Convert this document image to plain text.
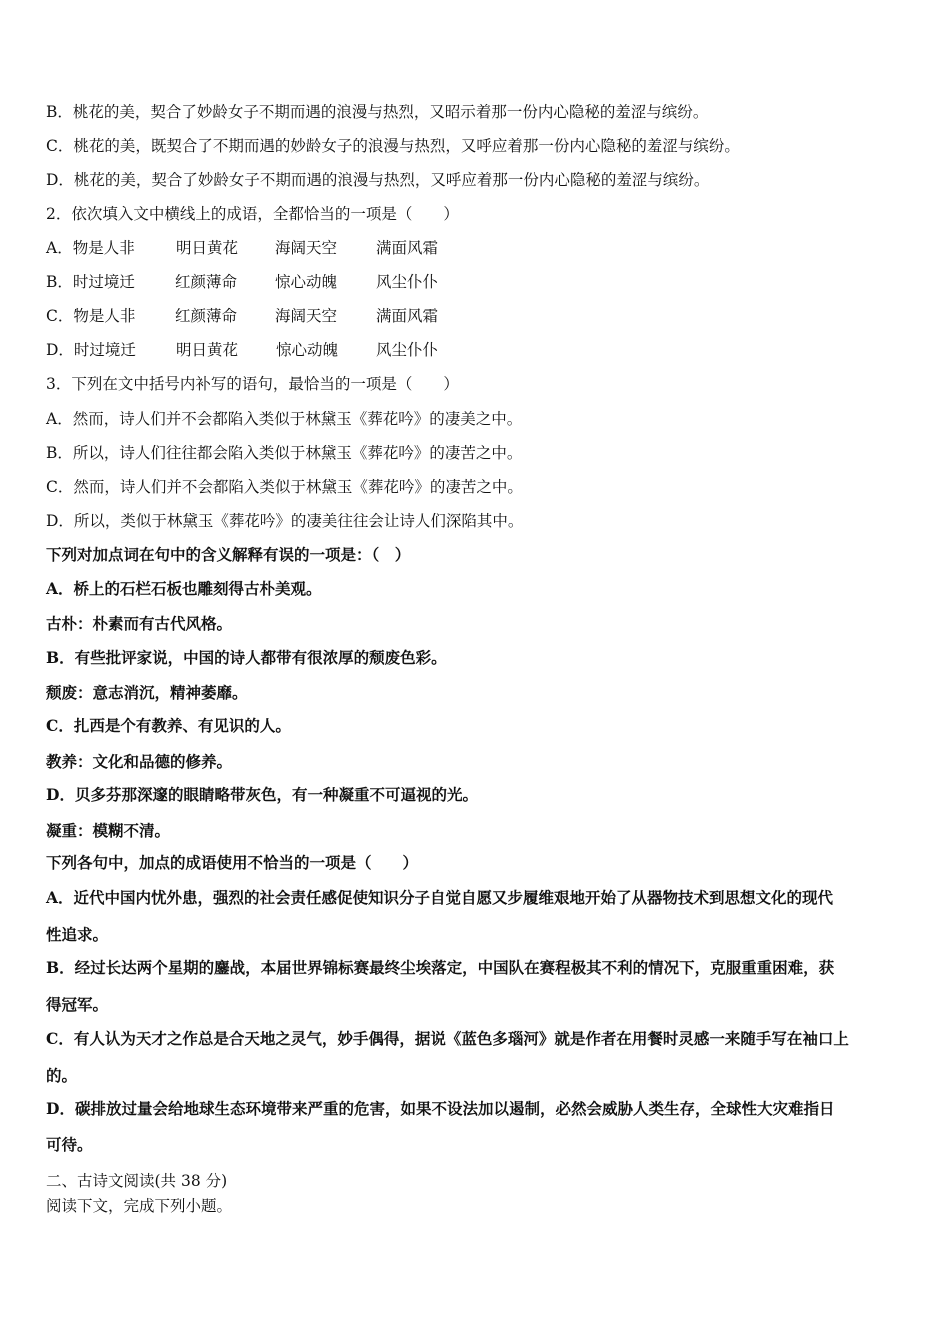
B．桃花的美，契合了妙龄女子不期而遇的浪漫与热烈，又昭示着那一份内心隐秘的羞涩与缤纷。
C．桃花的美，既契合了不期而遇的妙龄女子的浪漫与热烈，又呼应着那一份内心隐秘的羞涩与缤纷。
D．桃花的美，契合了妙龄女子不期而遇的浪漫与热烈，又呼应着那一份内心隐秘的羞涩与缤纷。
2．依次填入文中横线上的成语，全都恰当的一项是（　　）
A．物是人非	明日黄花 海阔天空	满面风霜
B．时过境迁	红颜薄命 惊心动魄	风尘仆仆
C．物是人非	红颜薄命 海阔天空	满面风霜
D．时过境迁	明日黄花 惊心动魄 风尘仆仆
3．下列在文中括号内补写的语句，最恰当的一项是（　　）
A．然而，诗人们并不会都陷入类似于林黛玉《葬花吟》的凄美之中。
B．所以，诗人们往往都会陷入类似于林黛玉《葬花吟》的凄苦之中。
C．然而，诗人们并不会都陷入类似于林黛玉《葬花吟》的凄苦之中。
D．所以，类似于林黛玉《葬花吟》的凄美往往会让诗人们深陷其中。
下列对加点词在句中的含义解释有误的一项是：（　）
A．桥上的石栏石板也雕刻得古朴美观。
古朴：朴素而有古代风格。
B．有些批评家说，中国的诗人都带有很浓厚的颓废色彩。
颓废：意志消沉，精神萎靡。
C．扎西是个有教养、有见识的人。
教养：文化和品德的修养。
D．贝多芬那深邃的眼睛略带灰色，有一种凝重不可逼视的光。
凝重：模糊不清。
下列各句中，加点的成语使用不恰当的一项是（　　）
A．近代中国内忧外患，强烈的社会责任感促使知识分子自觉自愿又步履维艰地开始了从器物技术到思想文化的现代
性追求。
B．经过长达两个星期的鏖战，本届世界锦标赛最终尘埃落定，中国队在赛程极其不利的情况下，克服重重困难，获
得冠军。
C．有人认为天才之作总是合天地之灵气，妙手偶得，据说《蓝色多瑙河》就是作者在用餐时灵感一来随手写在袖口上
的。
D．碳排放过量会给地球生态环境带来严重的危害，如果不设法加以遏制，必然会威胁人类生存，全球性大灾难指日
可待。
二、古诗文阅读(共 38 分)
阅读下文，完成下列小题。
